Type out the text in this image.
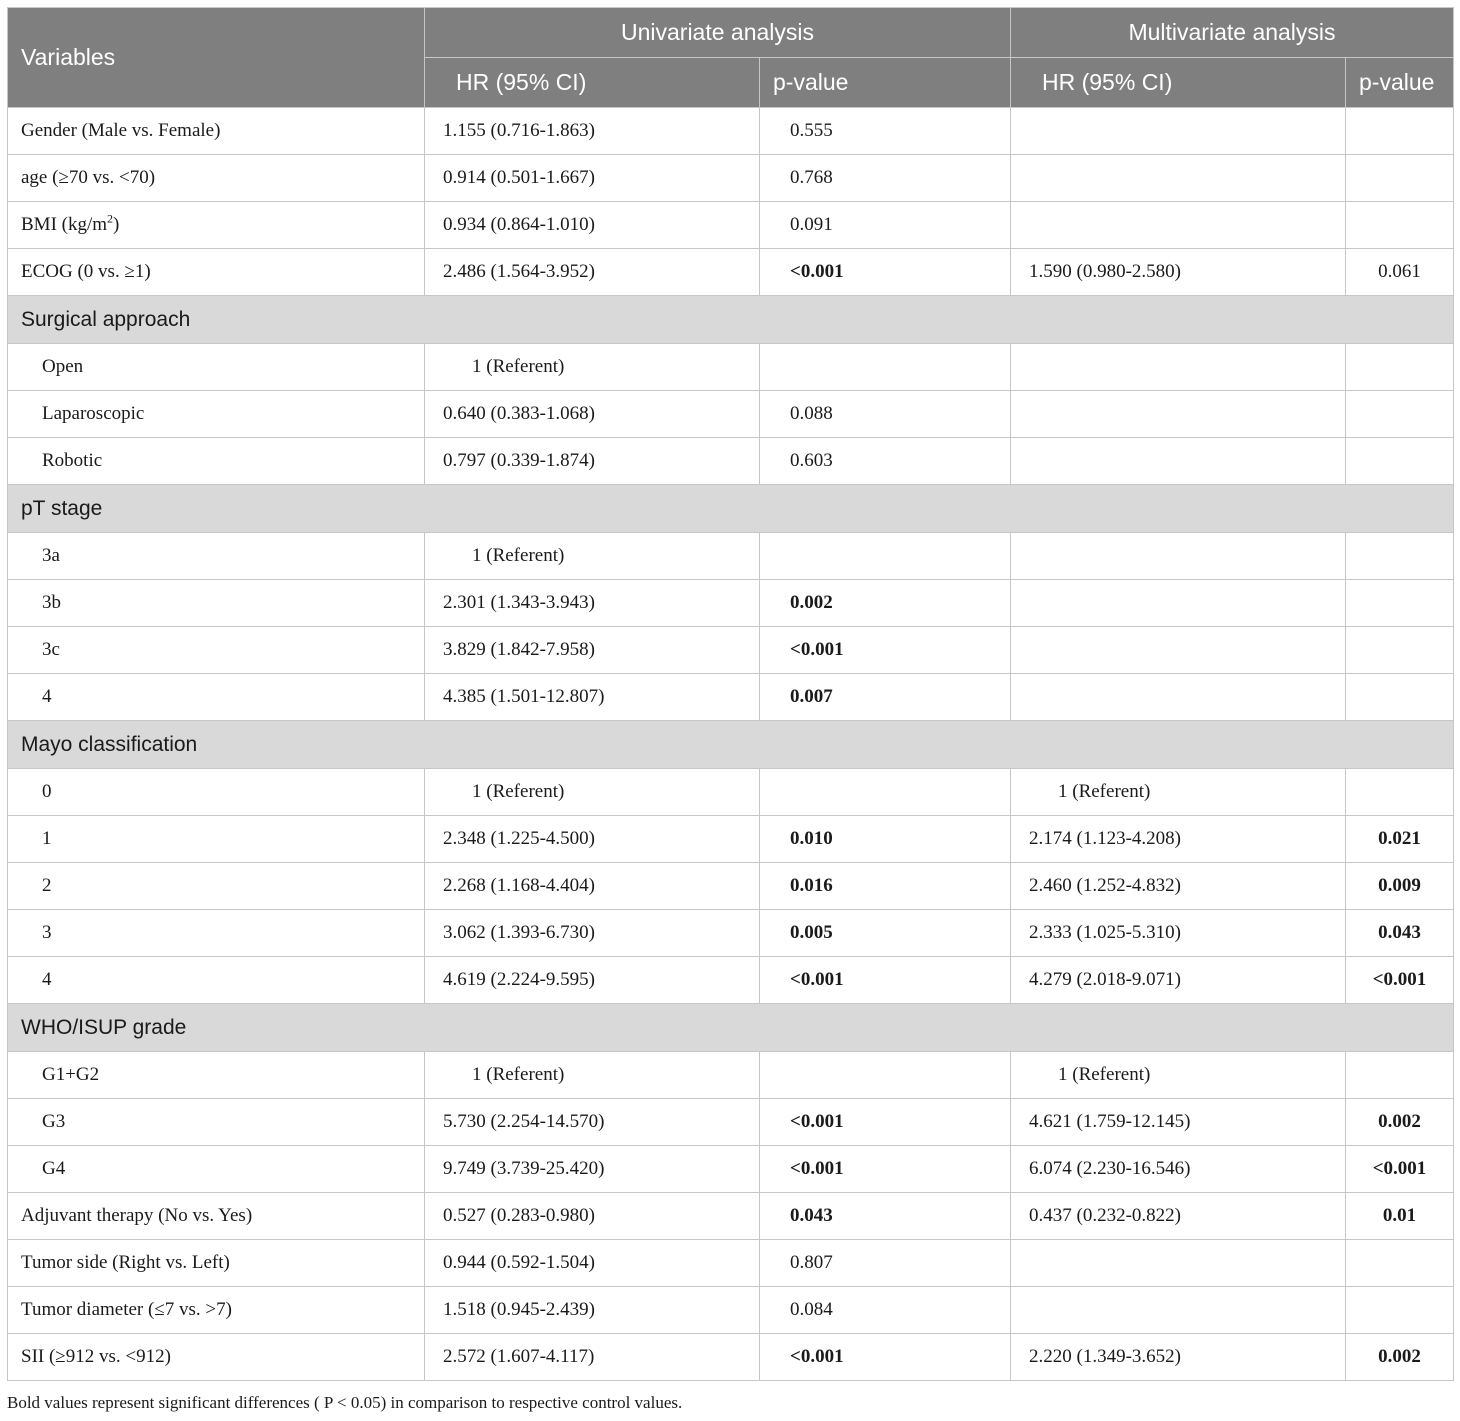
Variables	Univariate analysis		Multivariate analysis	
	HR (95% CI)	p-value	HR (95% CI)	p-value
Gender (Male vs. Female)	1.155 (0.716-1.863)	0.555		
age (≥70 vs. <70)	0.914 (0.501-1.667)	0.768		
BMI $(kg/m^2)$	0.934 (0.864-1.010)	0.091		
ECOG (0 vs. ≥1)	2.486 (1.564-3.952)	<0.001	1.590 (0.980-2.580)	0.061
Surgical approach				
Open	1 (Referent)			
Laparoscopic	0.640 (0.383-1.068)	0.088		
Robotic	0.797 (0.339-1.874)	0.603		
pT stage				
3a	1 (Referent)			
3b	2.301 (1.343-3.943)	0.002		
3c	3.829 (1.842-7.958)	<0.001		
4	4.385 (1.501-12.807)	0.007		
Mayo classification				
0	1 (Referent)		1 (Referent)	
1	2.348 (1.225-4.500)	0.010	2.174 (1.123-4.208)	0.021
2	2.268 (1.168-4.404)	0.016	2.460 (1.252-4.832)	0.009
3	3.062 (1.393-6.730)	0.005	2.333 (1.025-5.310)	0.043
4	4.619 (2.224-9.595)	<0.001	4.279 (2.018-9.071)	<0.001
WHO/ISUP grade				
G1+G2	1 (Referent)		1 (Referent)	
G3	5.730 (2.254-14.570)	<0.001	4.621 (1.759-12.145)	0.002
G4	9.749 (3.739-25.420)	<0.001	6.074 (2.230-16.546)	<0.001
Adjuvant therapy (No vs. Yes)	0.527 (0.283-0.980)	0.043	0.437 (0.232-0.822)	0.01
Tumor side (Right vs. Left)	0.944 (0.592-1.504)	0.807		
Tumor diameter (≤7 vs. >7)	1.518 (0.945-2.439)	0.084		
SII (≥912 vs. <912)	2.572 (1.607-4.117)	<0.001	2.220 (1.349-3.652)	0.002
Bold values represent significant differences ( P < 0.05) in comparison to respective control values.
